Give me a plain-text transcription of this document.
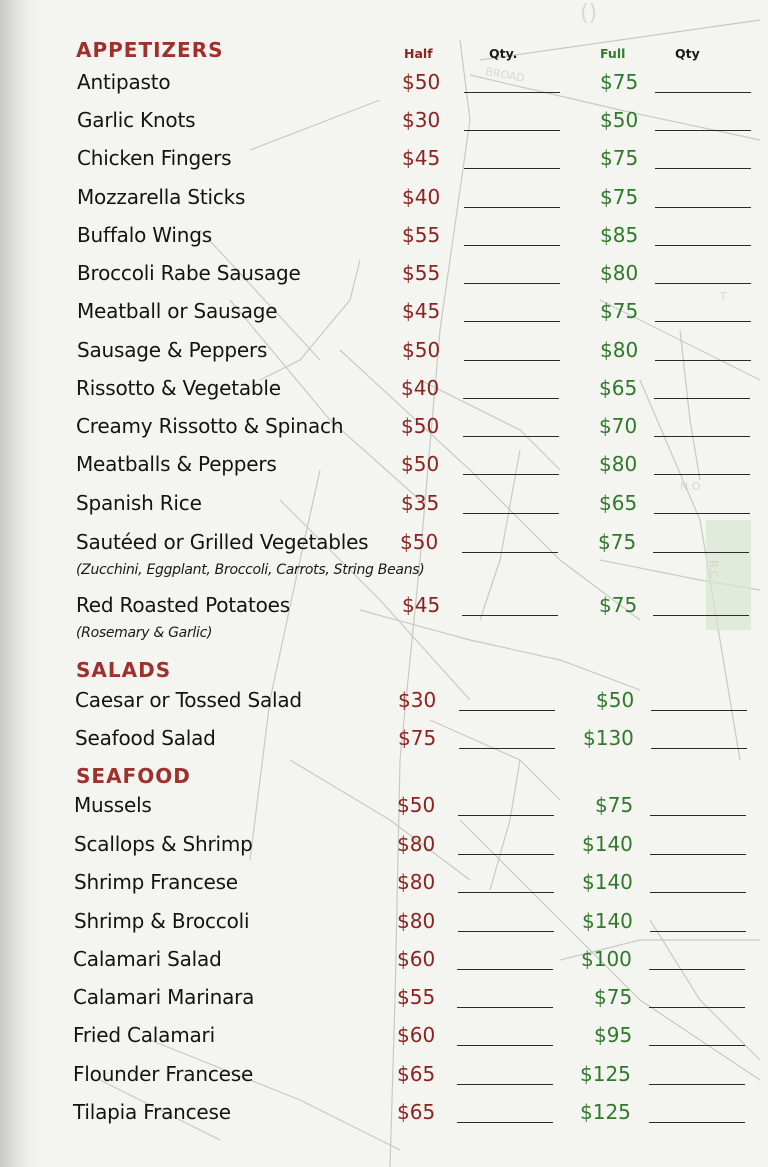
BROAD
N.O
R.C
T
()
Half	Qty.	Full	Qty
APPETIZERS
Antipasto	$50	$75
Garlic Knots	$30	$50
Chicken Fingers	$45	$75
Mozzarella Sticks	$40	$75
Buffalo Wings	$55	$85
Broccoli Rabe Sausage	$55	$80
Meatball or Sausage	$45	$75
Sausage & Peppers	$50	$80
Rissotto & Vegetable	$40	$65
Creamy Rissotto & Spinach	$50	$70
Meatballs & Peppers	$50	$80
Spanish Rice	$35	$65
Sautéed or Grilled Vegetables $50	$75
(Zucchini, Eggplant, Broccoli, Carrots, String Beans)
Red Roasted Potatoes	$45	$75
(Rosemary & Garlic)
SALADS
Caesar or Tossed Salad	$30	$50
Seafood Salad	$75	$130
SEAFOOD
Mussels	$50	$75
Scallops & Shrimp	$80	$140
Shrimp Francese	$80	$140
Shrimp & Broccoli	$80	$140
Calamari Salad	$60	$100
Calamari Marinara	$55	$75
Fried Calamari	$60	$95
Flounder Francese	$65	$125
Tilapia Francese	$65	$125
